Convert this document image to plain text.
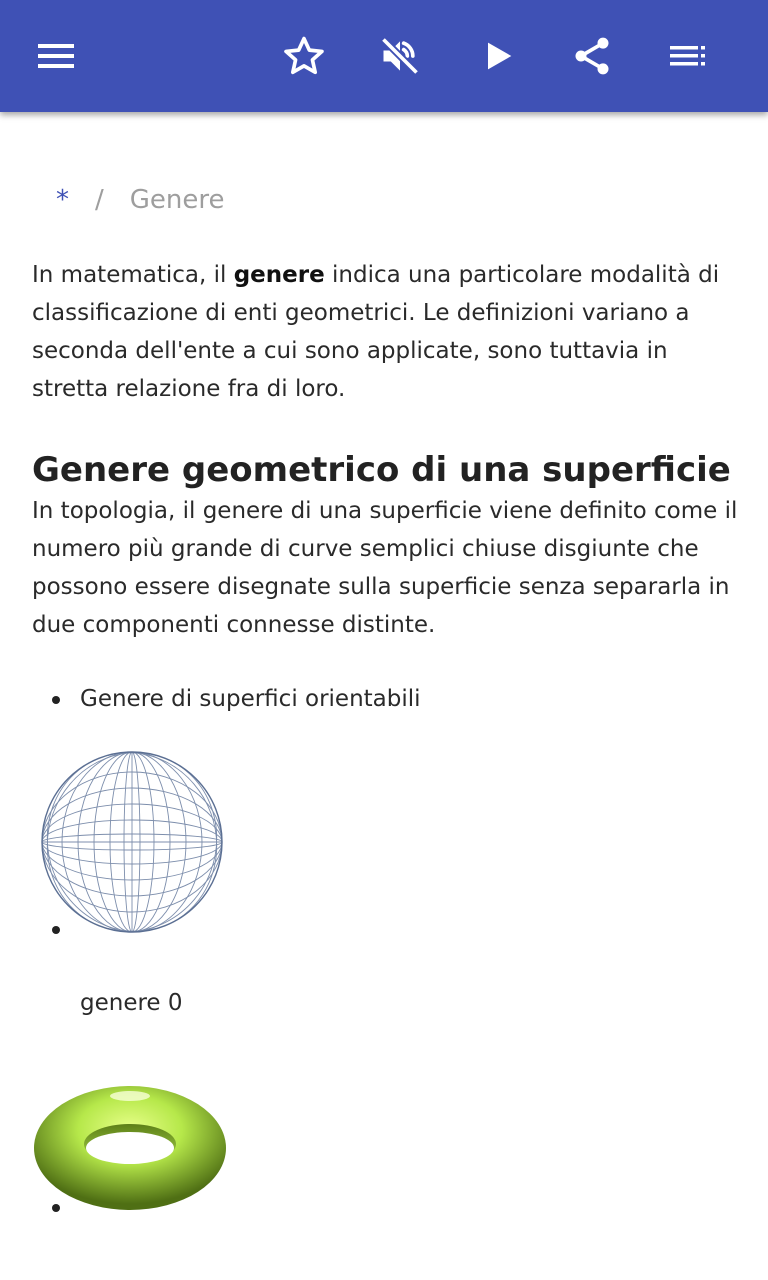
* / Genere

In matematica, il genere indica una particolare modalità di classificazione di enti geometrici. Le definizioni variano a seconda dell'ente a cui sono applicate, sono tuttavia in stretta relazione fra di loro.

Genere geometrico di una superficie

In topologia, il genere di una superficie viene definito come il numero più grande di curve semplici chiuse disgiunte che possono essere disegnate sulla superficie senza separarla in due componenti connesse distinte.

Genere di superfici orientabili
genere 0
